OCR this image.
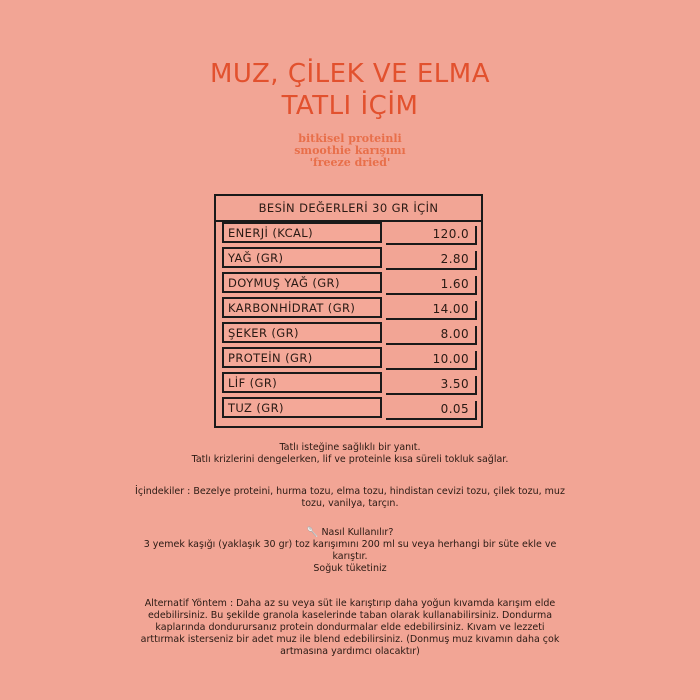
MUZ, ÇİLEK VE ELMA
TATLI İÇİM
bitkisel proteinli
smoothie karışımı
'freeze dried'
BESİN DEĞERLERİ 30 GR İÇİN
ENERJİ (KCAL)	120.0
YAĞ (GR)	2.80
DOYMUŞ YAĞ (GR)	1.60
KARBONHİDRAT (GR)	14.00
ŞEKER (GR)	8.00
PROTEİN (GR)	10.00
LİF (GR)	3.50
TUZ (GR)	0.05
Tatlı isteğine sağlıklı bir yanıt.
Tatlı krizlerini dengelerken, lif ve proteinle kısa süreli tokluk sağlar.
İçindekiler : Bezelye proteini, hurma tozu, elma tozu, hindistan cevizi tozu, çilek tozu, muz
tozu, vanilya, tarçın.
🥄 Nasıl Kullanılır?
3 yemek kaşığı (yaklaşık 30 gr) toz karışımını 200 ml su veya herhangi bir süte ekle ve
karıştır.
Soğuk tüketiniz
Alternatif Yöntem : Daha az su veya süt ile karıştırıp daha yoğun kıvamda karışım elde
edebilirsiniz. Bu şekilde granola kaselerinde taban olarak kullanabilirsiniz. Dondurma
kaplarında dondurursanız protein dondurmalar elde edebilirsiniz. Kıvam ve lezzeti
arttırmak isterseniz bir adet muz ile blend edebilirsiniz. (Donmuş muz kıvamın daha çok
artmasına yardımcı olacaktır)
